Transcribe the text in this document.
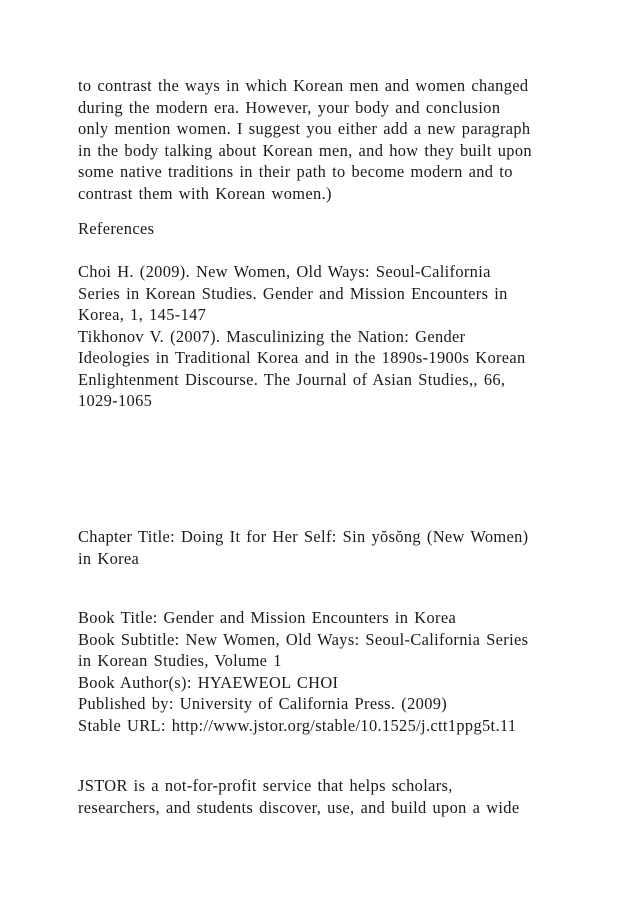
to contrast the ways in which Korean men and women changed
during the modern era. However, your body and conclusion
only mention women. I suggest you either add a new paragraph
in the body talking about Korean men, and how they built upon
some native traditions in their path to become modern and to
contrast them with Korean women.)
References
Choi H. (2009). New Women, Old Ways: Seoul-California
Series in Korean Studies. Gender and Mission Encounters in
Korea, 1, 145-147
Tikhonov V. (2007). Masculinizing the Nation: Gender
Ideologies in Traditional Korea and in the 1890s-1900s Korean
Enlightenment Discourse. The Journal of Asian Studies,, 66,
1029-1065
Chapter Title: Doing It for Her Self: Sin yŏsŏng (New Women)
in Korea
Book Title: Gender and Mission Encounters in Korea
Book Subtitle: New Women, Old Ways: Seoul-California Series
in Korean Studies, Volume 1
Book Author(s): HYAEWEOL CHOI
Published by: University of California Press. (2009)
Stable URL: http://www.jstor.org/stable/10.1525/j.ctt1ppg5t.11
JSTOR is a not-for-profit service that helps scholars,
researchers, and students discover, use, and build upon a wide
